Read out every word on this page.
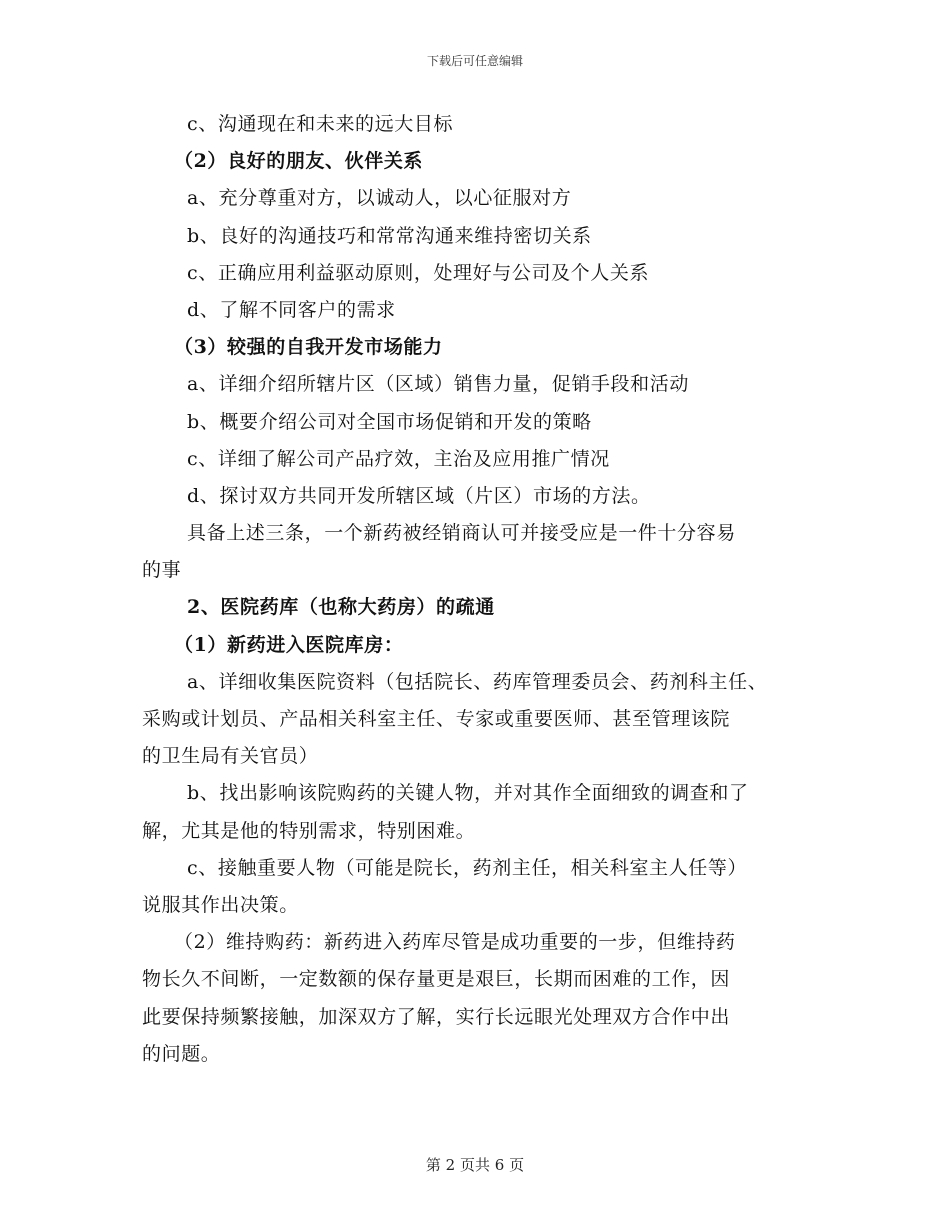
下载后可任意编辑
c、沟通现在和未来的远大目标
（2）良好的朋友、伙伴关系
a、充分尊重对方，以诚动人，以心征服对方
b、良好的沟通技巧和常常沟通来维持密切关系
c、正确应用利益驱动原则，处理好与公司及个人关系
d、了解不同客户的需求
（3）较强的自我开发市场能力
a、详细介绍所辖片区（区域）销售力量，促销手段和活动
b、概要介绍公司对全国市场促销和开发的策略
c、详细了解公司产品疗效，主治及应用推广情况
d、探讨双方共同开发所辖区域（片区）市场的方法。
具备上述三条，一个新药被经销商认可并接受应是一件十分容易
的事
2、医院药库（也称大药房）的疏通
（1）新药进入医院库房：
a、详细收集医院资料（包括院长、药库管理委员会、药剂科主任、
采购或计划员、产品相关科室主任、专家或重要医师、甚至管理该院
的卫生局有关官员）
b、找出影响该院购药的关键人物，并对其作全面细致的调查和了
解，尤其是他的特别需求，特别困难。
c、接触重要人物（可能是院长，药剂主任，相关科室主人任等）
说服其作出决策。
（2）维持购药：新药进入药库尽管是成功重要的一步，但维持药
物长久不间断，一定数额的保存量更是艰巨，长期而困难的工作，因
此要保持频繁接触，加深双方了解，实行长远眼光处理双方合作中出
的问题。
第 2 页共 6 页
